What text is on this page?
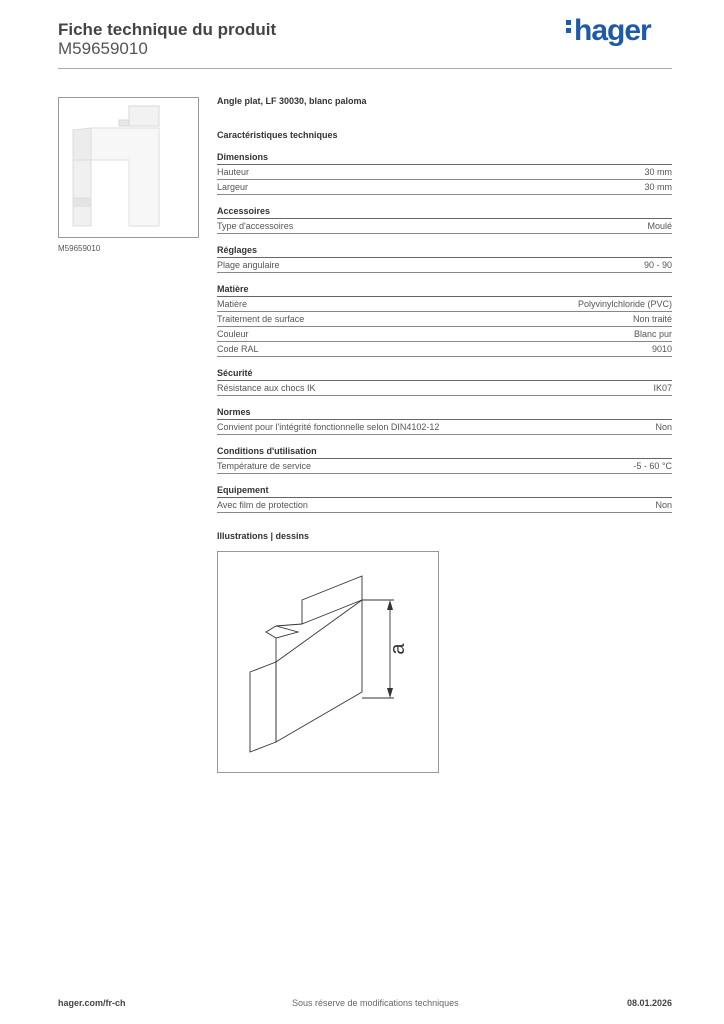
Fiche technique du produit
M59659010
hager
M59659010
Angle plat, LF 30030, blanc paloma
Caractéristiques techniques
Dimensions
Hauteur	30 mm
Largeur	30 mm
Accessoires
Type d'accessoires	Moulé
Réglages
Plage angulaire	90 - 90
Matière
Matière	Polyvinylchloride (PVC)
Traitement de surface	Non traité
Couleur	Blanc pur
Code RAL	9010
Sécurité
Résistance aux chocs IK	IK07
Normes
Convient pour l'intégrité fonctionnelle selon DIN4102-12	Non
Conditions d'utilisation
Température de service	-5 - 60 °C
Equipement
Avec film de protection	Non
Illustrations | dessins
a
hager.com/fr-ch	Sous réserve de modifications techniques	08.01.2026
